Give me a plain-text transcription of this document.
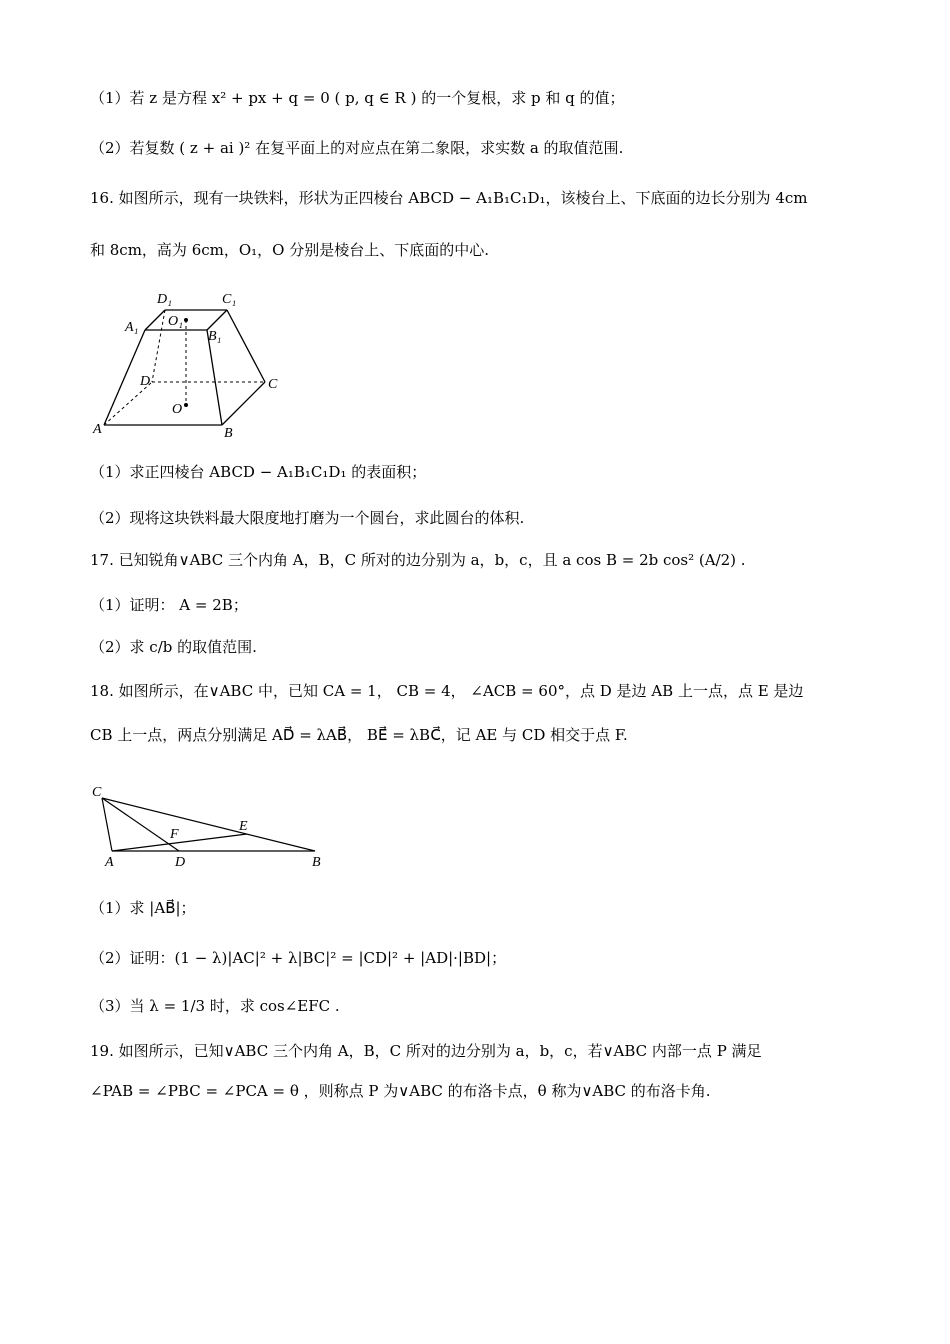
（1）若 z 是方程 x² + px + q = 0 ( p, q ∈ R ) 的一个复根，求 p 和 q 的值；
（2）若复数 ( z + ai )² 在复平面上的对应点在第二象限，求实数 a 的取值范围.
16. 如图所示，现有一块铁料，形状为正四棱台 ABCD − A₁B₁C₁D₁，该棱台上、下底面的边长分别为 4cm
和 8cm，高为 6cm，O₁，O 分别是棱台上、下底面的中心.
D₁	C₁
A₁ O₁
B₁
D	C
O
A	B
（1）求正四棱台 ABCD − A₁B₁C₁D₁ 的表面积；
（2）现将这块铁料最大限度地打磨为一个圆台，求此圆台的体积.
17. 已知锐角∨ABC 三个内角 A，B，C 所对的边分别为 a，b，c，且 a cos B = 2b cos² (A/2) .
（1）证明： A = 2B；
（2）求 c/b 的取值范围.
18. 如图所示，在∨ABC 中，已知 CA = 1， CB = 4， ∠ACB = 60°，点 D 是边 AB 上一点，点 E 是边
CB 上一点，两点分别满足 AD⃗ = λAB⃗， BE⃗ = λBC⃗，记 AE 与 CD 相交于点 F.
C
F
E
A	D	B
（1）求 |AB⃗|；
（2）证明：(1 − λ)|AC|² + λ|BC|² = |CD|² + |AD|·|BD|；
（3）当 λ = 1/3 时，求 cos∠EFC .
19. 如图所示，已知∨ABC 三个内角 A，B，C 所对的边分别为 a，b，c，若∨ABC 内部一点 P 满足
∠PAB = ∠PBC = ∠PCA = θ ，则称点 P 为∨ABC 的布洛卡点，θ 称为∨ABC 的布洛卡角.
